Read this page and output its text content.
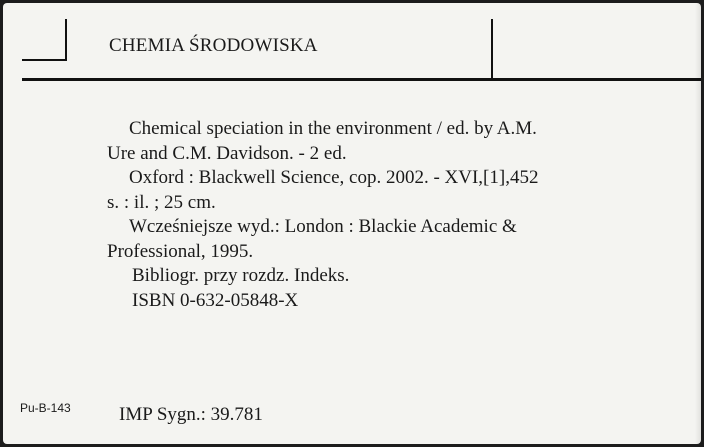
CHEMIA ŚRODOWISKA
Chemical speciation in the environment / ed. by A.M.
Ure and C.M. Davidson. - 2 ed.
Oxford : Blackwell Science, cop. 2002. - XVI,[1],452
s. : il. ; 25 cm.
Wcześniejsze wyd.: London : Blackie Academic &
Professional, 1995.
Bibliogr. przy rozdz. Indeks.
ISBN 0-632-05848-X
Pu-B-143	IMP Sygn.: 39.781
